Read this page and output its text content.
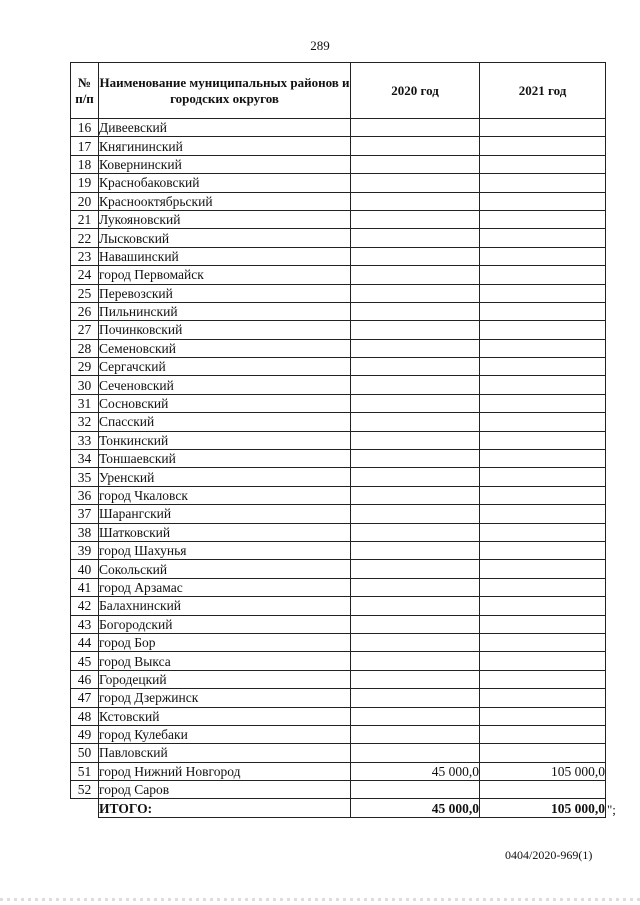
289
№ п/п	Наименование муниципальных районов и городских округов	2020 год	2021 год
16	Дивеевский		
17	Княгининский		
18	Ковернинский		
19	Краснобаковский		
20	Краснооктябрьский		
21	Лукояновский		
22	Лысковский		
23	Навашинский		
24	город Первомайск		
25	Перевозский		
26	Пильнинский		
27	Починковский		
28	Семеновский		
29	Сергачский		
30	Сеченовский		
31	Сосновский		
32	Спасский		
33	Тонкинский		
34	Тоншаевский		
35	Уренский		
36	город Чкаловск		
37	Шарангский		
38	Шатковский		
39	город Шахунья		
40	Сокольский		
41	город Арзамас		
42	Балахнинский		
43	Богородский		
44	город Бор		
45	город Выкса		
46	Городецкий		
47	город Дзержинск		
48	Кстовский		
49	город Кулебаки		
50	Павловский		
51	город Нижний Новгород	45 000,0	105 000,0
52	город Саров		
	ИТОГО:	45 000,0	105 000,0 ";
0404/2020-969(1)
